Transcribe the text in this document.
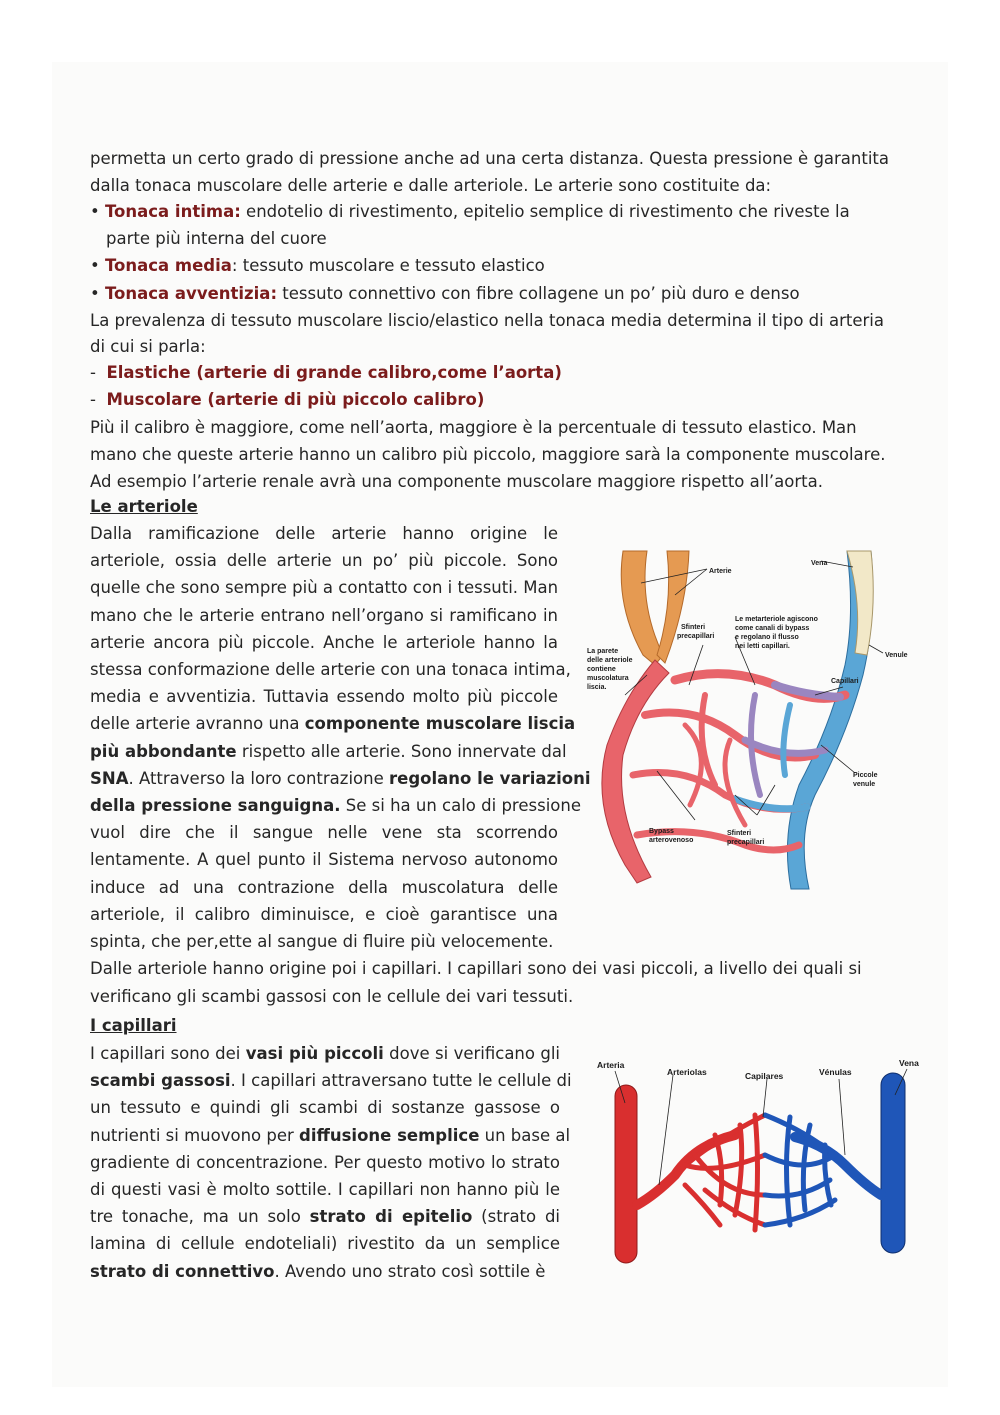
permetta un certo grado di pressione anche ad una certa distanza. Questa pressione è garantita
dalla tonaca muscolare delle arterie e dalle arteriole. Le arterie sono costituite da:
• Tonaca intima: endotelio di rivestimento, epitelio semplice di rivestimento che riveste la
parte più interna del cuore
• Tonaca media: tessuto muscolare e tessuto elastico
• Tonaca avventizia: tessuto connettivo con fibre collagene un po’ più duro e denso
La prevalenza di tessuto muscolare liscio/elastico nella tonaca media determina il tipo di arteria
di cui si parla:
‐  Elastiche (arterie di grande calibro,come l’aorta)
‐  Muscolare (arterie di più piccolo calibro)
Più il calibro è maggiore, come nell’aorta, maggiore è la percentuale di tessuto elastico. Man
mano che queste arterie hanno un calibro più piccolo, maggiore sarà la componente muscolare.
Ad esempio l’arterie renale avrà una componente muscolare maggiore rispetto all’aorta.
Le arteriole
Dalla ramificazione delle arterie hanno origine le
arteriole, ossia delle arterie un po’ più piccole. Sono
quelle che sono sempre più a contatto con i tessuti. Man
mano che le arterie entrano nell’organo si ramificano in
arterie ancora più piccole. Anche le arteriole hanno la
stessa conformazione delle arterie con una tonaca intima,
media e avventizia. Tuttavia essendo molto più piccole
delle arterie avranno una componente muscolare liscia
più abbondante rispetto alle arterie. Sono innervate dal
SNA. Attraverso la loro contrazione regolano le variazioni
della pressione sanguigna. Se si ha un calo di pressione
vuol dire che il sangue nelle vene sta scorrendo
lentamente. A quel punto il Sistema nervoso autonomo
induce ad una contrazione della muscolatura delle
arteriole, il calibro diminuisce, e cioè garantisce una
spinta, che per,ette al sangue di fluire più velocemente.
Dalle arteriole hanno origine poi i capillari. I capillari sono dei vasi piccoli, a livello dei quali si
verificano gli scambi gassosi con le cellule dei vari tessuti.
I capillari
I capillari sono dei vasi più piccoli dove si verificano gli
scambi gassosi. I capillari attraversano tutte le cellule di
un tessuto e quindi gli scambi di sostanze gassose o
nutrienti si muovono per diffusione semplice un base al
gradiente di concentrazione. Per questo motivo lo strato
di questi vasi è molto sottile. I capillari non hanno più le
tre tonache, ma un solo strato di epitelio (strato di
lamina di cellule endoteliali) rivestito da un semplice
strato di connettivo. Avendo uno strato così sottile è
Arterie
Vena
Sfinteri
precapillari
Le metarteriole agiscono
come canali di bypass
e regolano il flusso
nei letti capillari.
La parete
delle arteriole
contiene
muscolatura
liscia.
Venule
Capillari
Piccole
venule
Bypass
arterovenoso
Sfinteri
precapillari
Arteria
Arteriolas	Capilares	Vénulas
Vena
